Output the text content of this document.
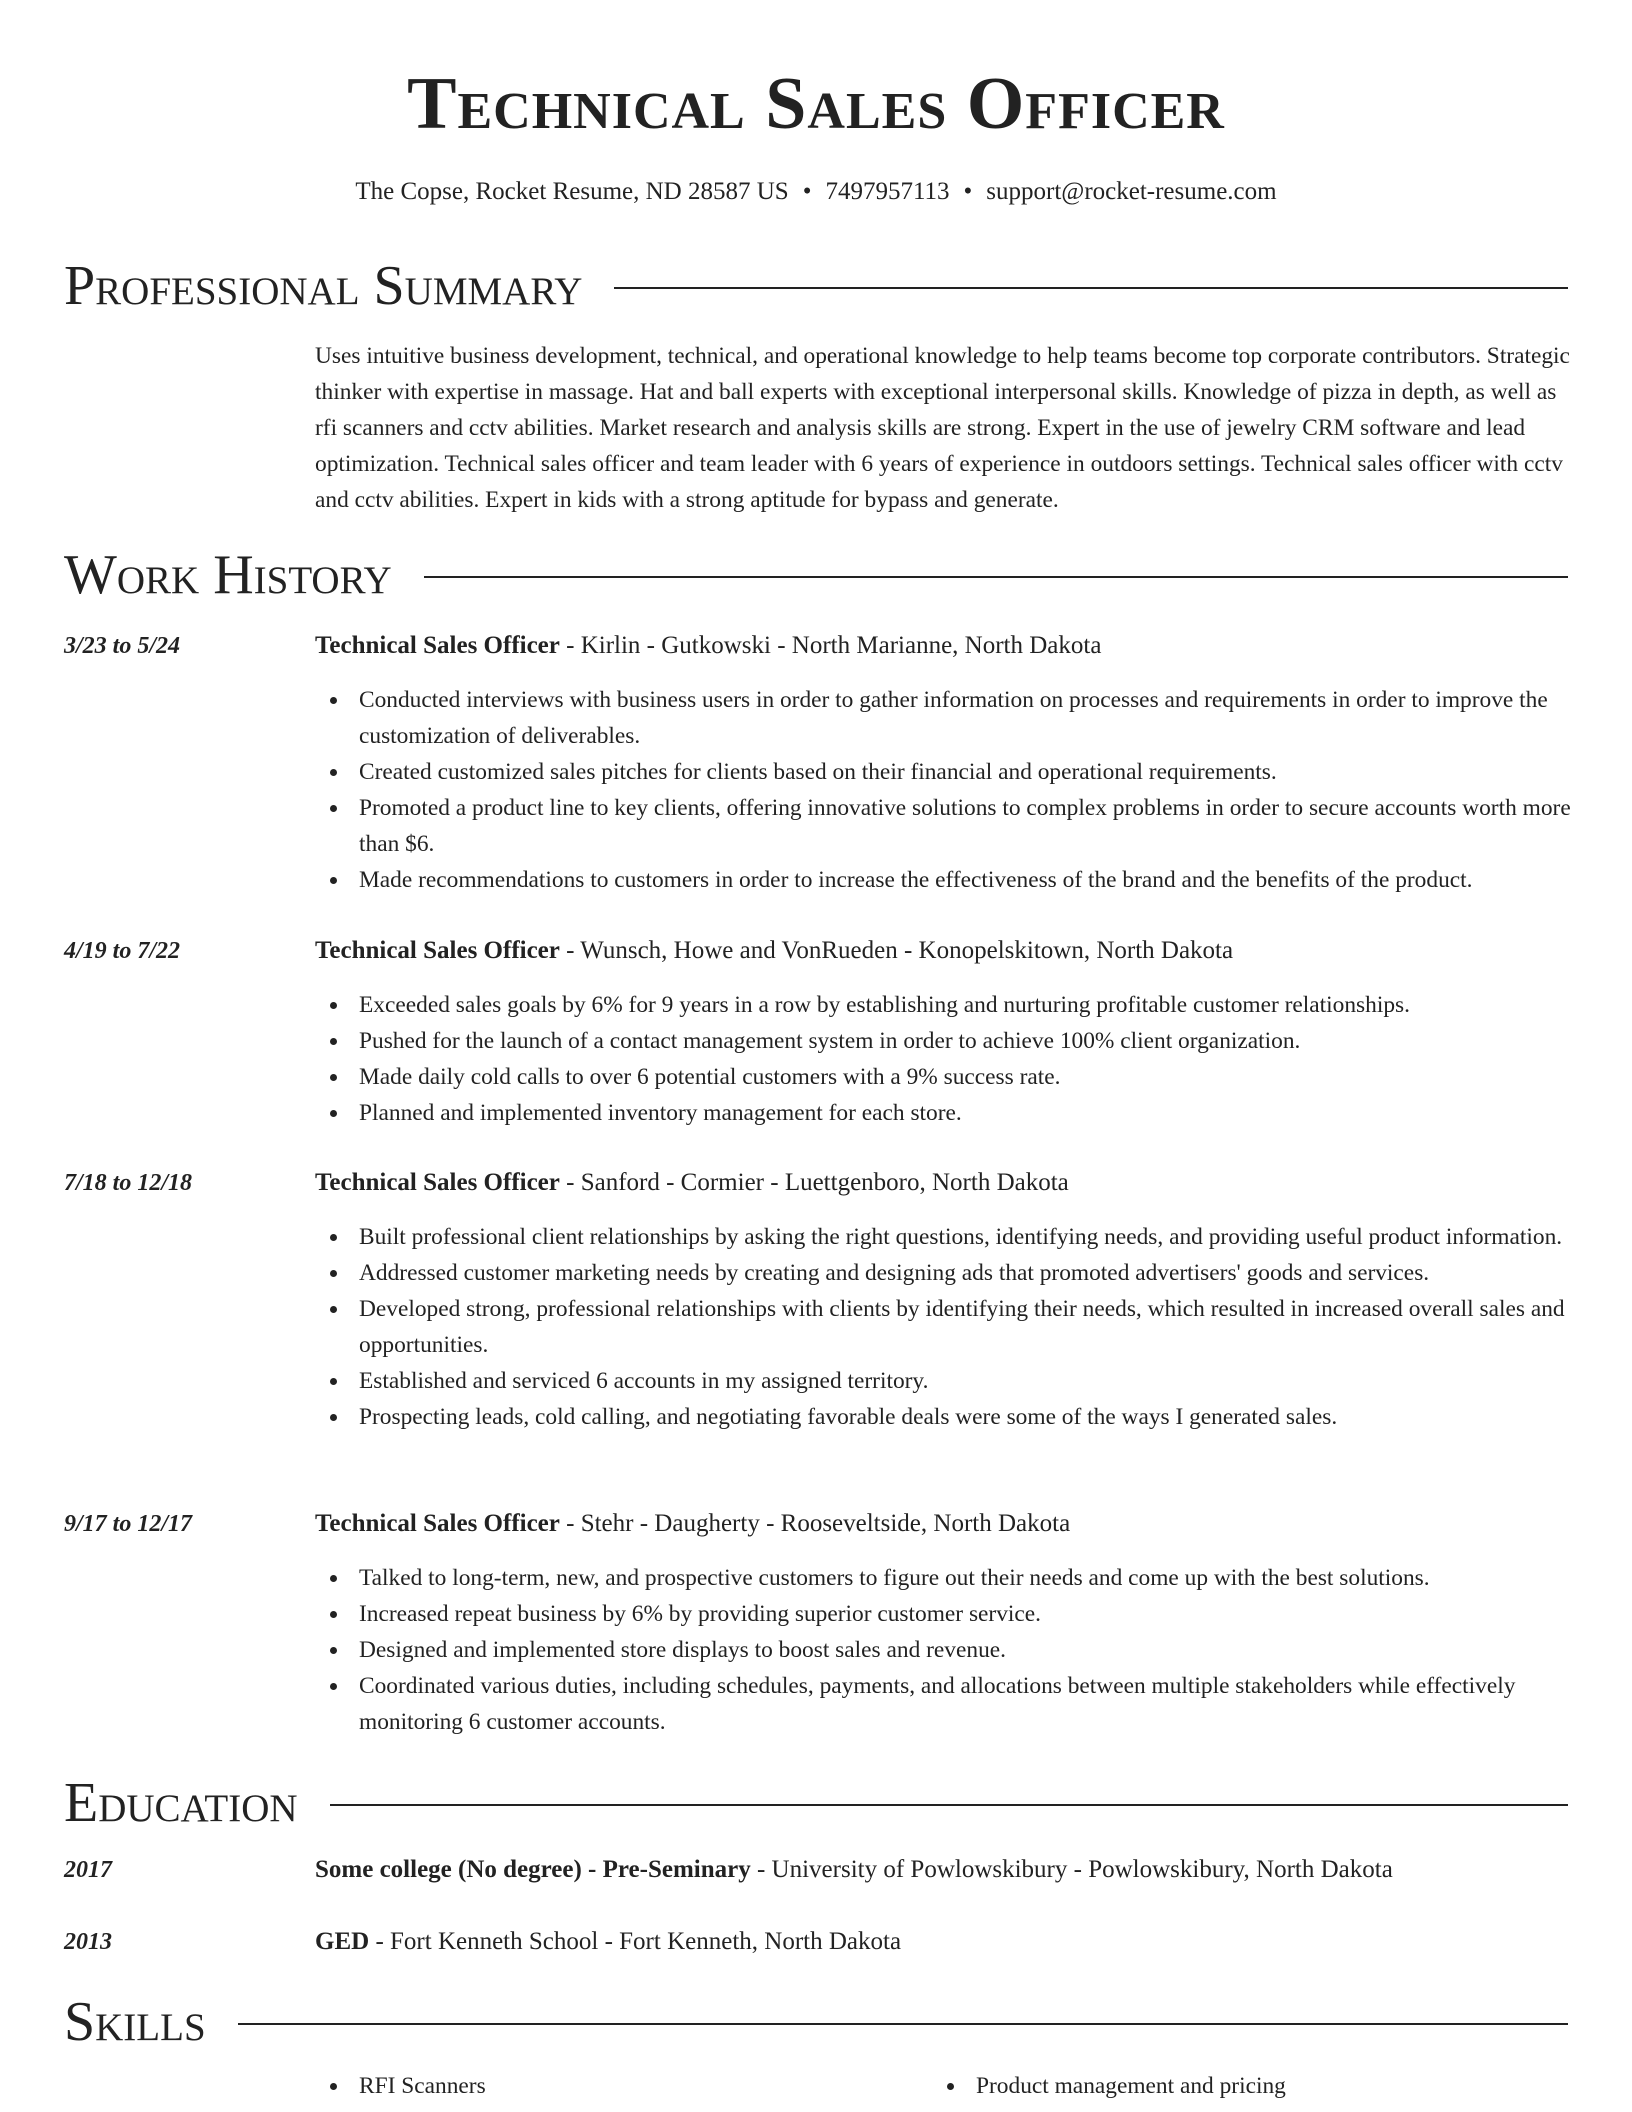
Technical Sales Officer
The Copse, Rocket Resume, ND 28587 US • 7497957113 • support@rocket-resume.com
Professional Summary

Uses intuitive business development, technical, and operational knowledge to help teams become top corporate contributors. Strategic thinker with expertise in massage. Hat and ball experts with exceptional interpersonal skills. Knowledge of pizza in depth, as well as rfi scanners and cctv abilities. Market research and analysis skills are strong. Expert in the use of jewelry CRM software and lead optimization. Technical sales officer and team leader with 6 years of experience in outdoors settings. Technical sales officer with cctv and cctv abilities. Expert in kids with a strong aptitude for bypass and generate.

Work History
3/23 to 5/24	Technical Sales Officer - Kirlin - Gutkowski - North Marianne, North Dakota
Conducted interviews with business users in order to gather information on processes and requirements in order to improve the customization of deliverables.
Created customized sales pitches for clients based on their financial and operational requirements.
Promoted a product line to key clients, offering innovative solutions to complex problems in order to secure accounts worth more than $6.
Made recommendations to customers in order to increase the effectiveness of the brand and the benefits of the product.
4/19 to 7/22	Technical Sales Officer - Wunsch, Howe and VonRueden - Konopelskitown, North Dakota
Exceeded sales goals by 6% for 9 years in a row by establishing and nurturing profitable customer relationships.
Pushed for the launch of a contact management system in order to achieve 100% client organization.
Made daily cold calls to over 6 potential customers with a 9% success rate.
Planned and implemented inventory management for each store.
7/18 to 12/18	Technical Sales Officer - Sanford - Cormier - Luettgenboro, North Dakota
Built professional client relationships by asking the right questions, identifying needs, and providing useful product information.
Addressed customer marketing needs by creating and designing ads that promoted advertisers' goods and services.
Developed strong, professional relationships with clients by identifying their needs, which resulted in increased overall sales and opportunities.
Established and serviced 6 accounts in my assigned territory.
Prospecting leads, cold calling, and negotiating favorable deals were some of the ways I generated sales.
9/17 to 12/17	Technical Sales Officer - Stehr - Daugherty - Rooseveltside, North Dakota
Talked to long-term, new, and prospective customers to figure out their needs and come up with the best solutions.
Increased repeat business by 6% by providing superior customer service.
Designed and implemented store displays to boost sales and revenue.
Coordinated various duties, including schedules, payments, and allocations between multiple stakeholders while effectively monitoring 6 customer accounts.
Education
2017	Some college (No degree) - Pre-Seminary - University of Powlowskibury - Powlowskibury, North Dakota
2013	GED - Fort Kenneth School - Fort Kenneth, North Dakota
Skills
RFI Scanners	Product management and pricing
